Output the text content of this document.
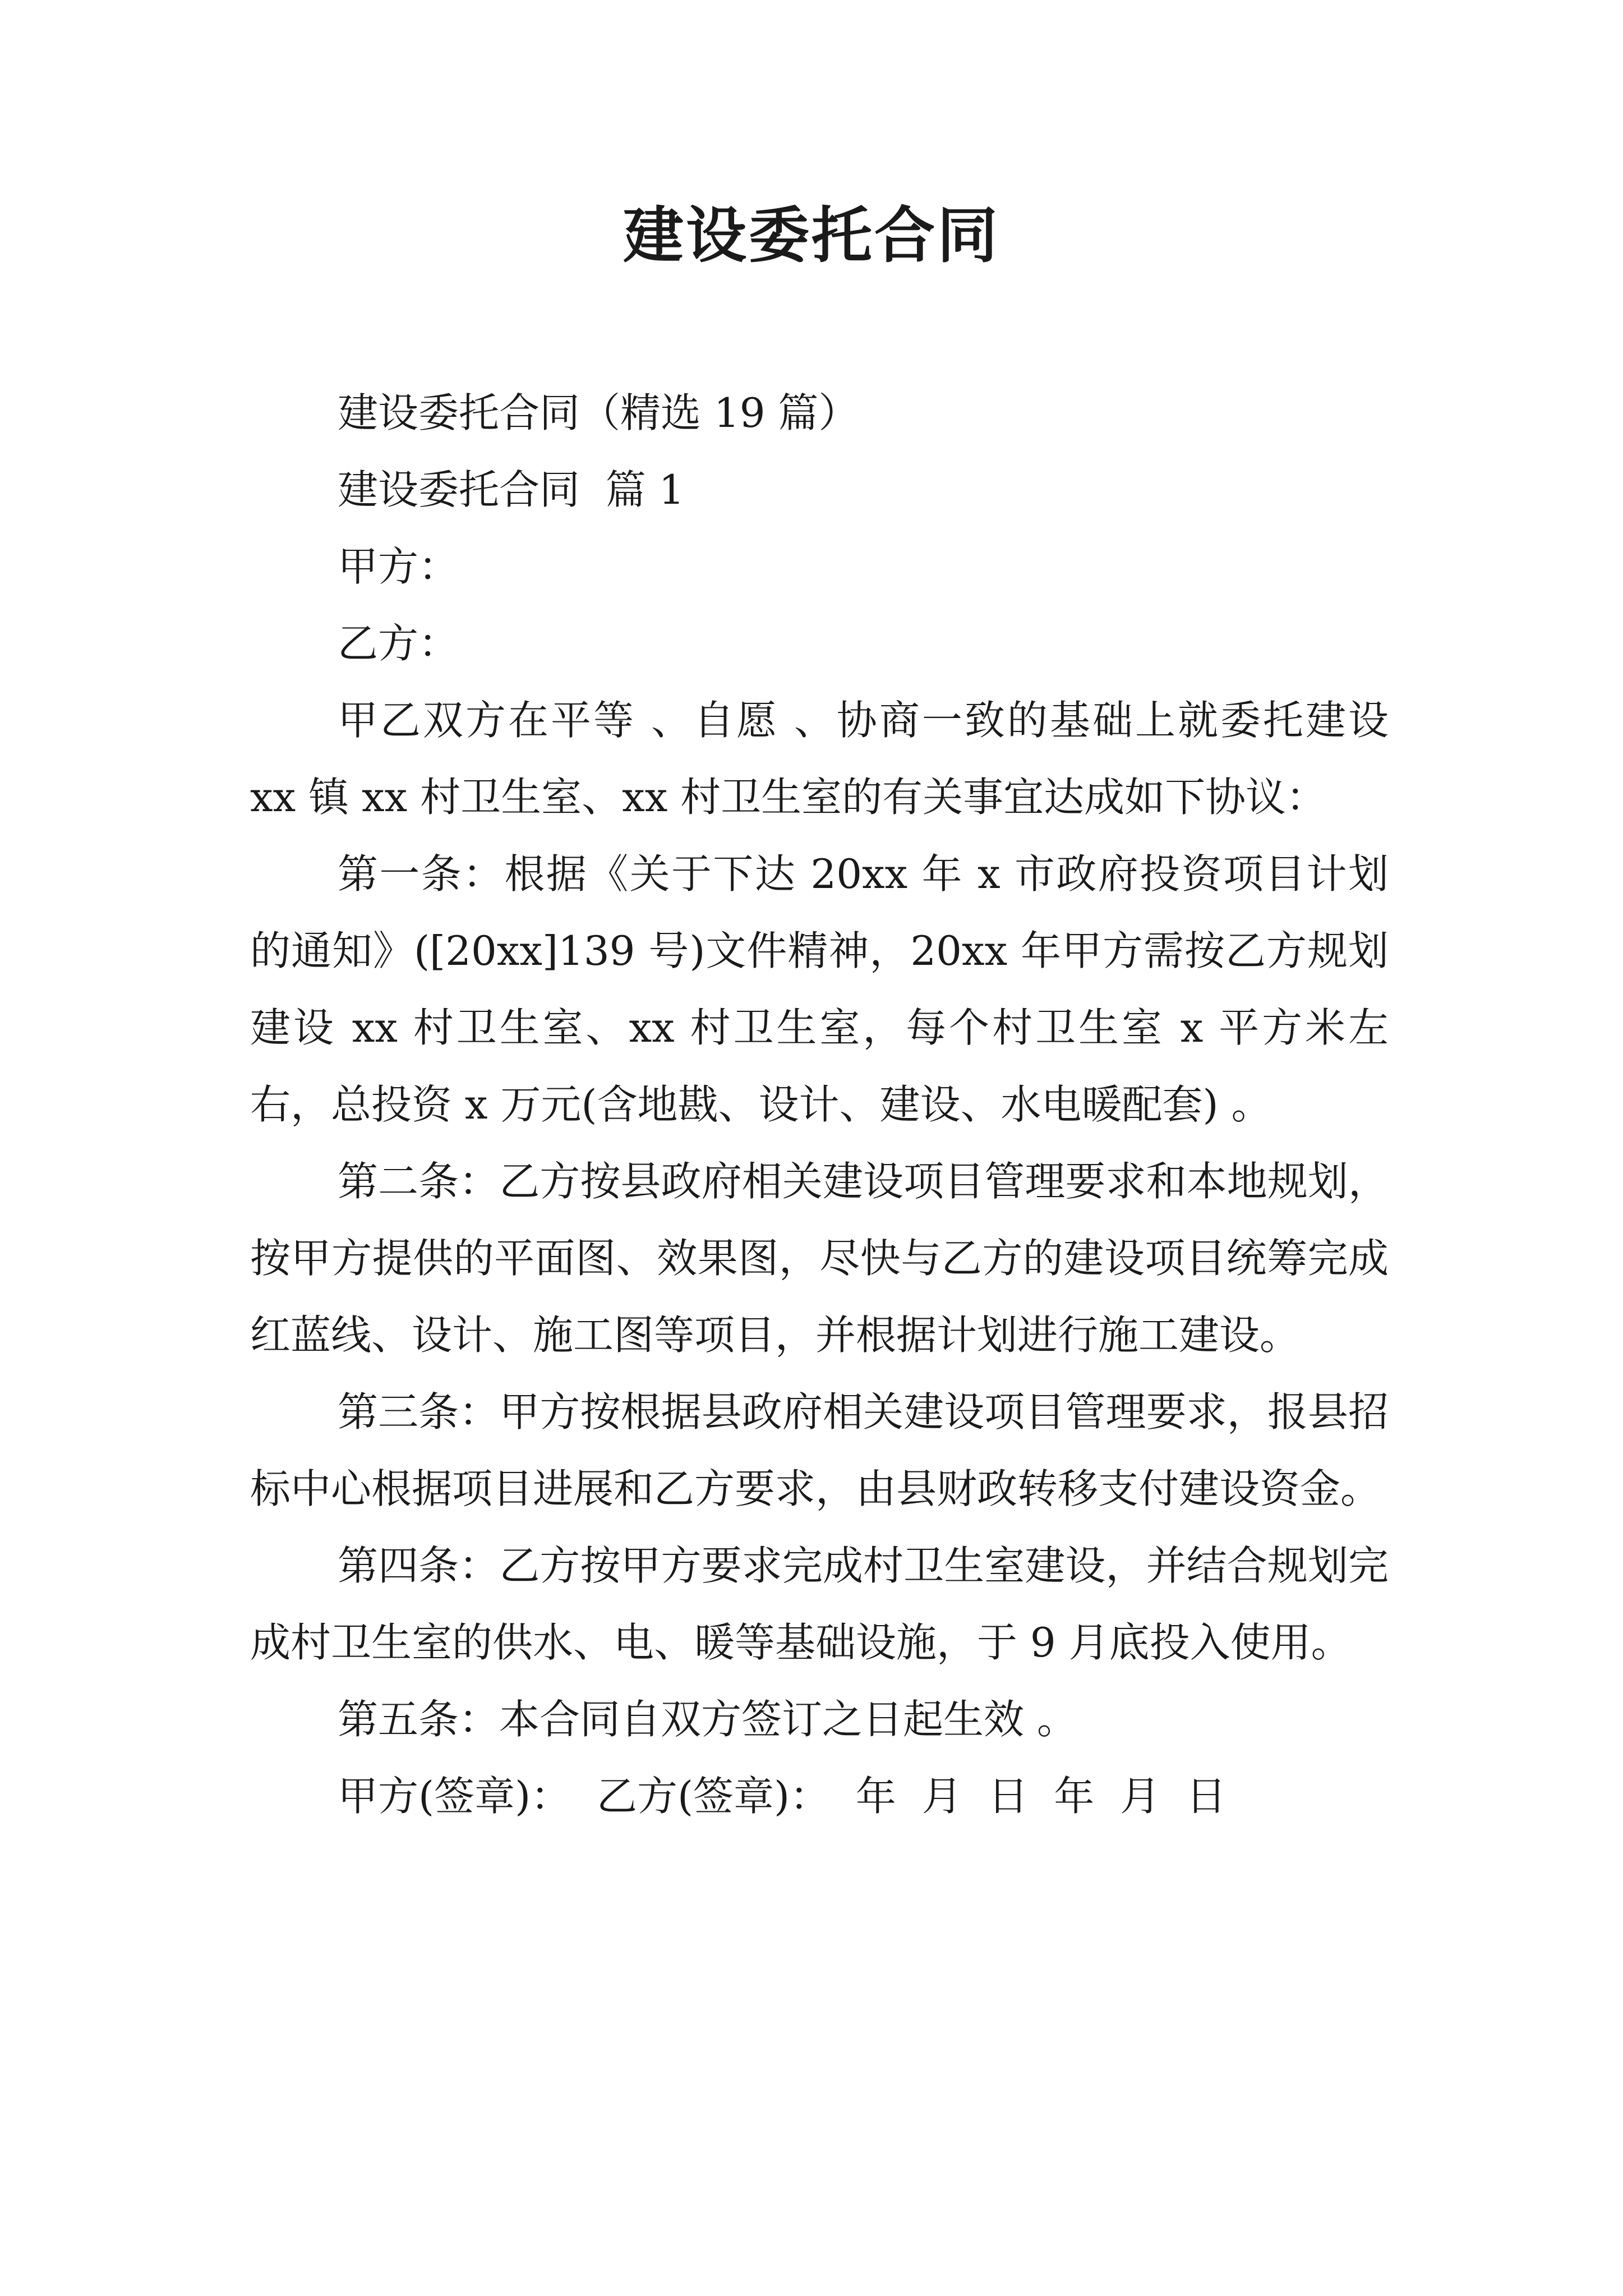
建设委托合同

建设委托合同（精选 19 篇）

建设委托合同  篇 1

甲方：

乙方：

甲乙双方在平等 、自愿 、协商一致的基础上就委托建设 xx 镇 xx 村卫生室、xx 村卫生室的有关事宜达成如下协议：

第一条：根据《关于下达 20xx 年 x 市政府投资项目计划的通知》([20xx]139 号)文件精神，20xx 年甲方需按乙方规划建设 xx 村卫生室、xx 村卫生室，每个村卫生室 x 平方米左右，总投资 x 万元(含地戡、设计、建设、水电暖配套) 。

第二条：乙方按县政府相关建设项目管理要求和本地规划，按甲方提供的平面图、效果图，尽快与乙方的建设项目统筹完成红蓝线、设计、施工图等项目，并根据计划进行施工建设。

第三条：甲方按根据县政府相关建设项目管理要求，报县招标中心根据项目进展和乙方要求，由县财政转移支付建设资金。

第四条：乙方按甲方要求完成村卫生室建设，并结合规划完成村卫生室的供水、电、暖等基础设施，于 9 月底投入使用。

第五条：本合同自双方签订之日起生效 。

甲方(签章)：  乙方(签章)：  年  月  日  年  月  日
